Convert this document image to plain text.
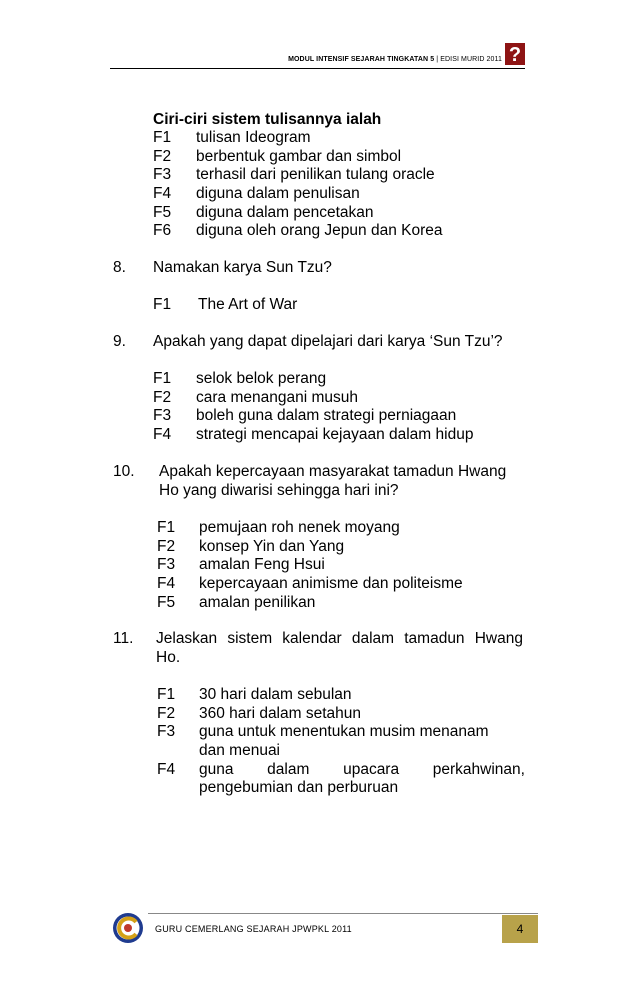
MODUL INTENSIF SEJARAH TINGKATAN 5 | EDISI MURID 2011 ?
Ciri-ciri sistem tulisannya ialah
F1 tulisan Ideogram
F2 berbentuk gambar dan simbol
F3 terhasil dari penilikan tulang oracle
F4 diguna dalam penulisan
F5 diguna dalam pencetakan
F6 diguna oleh orang Jepun dan Korea
8. Namakan karya Sun Tzu?
F1 The Art of War
9. Apakah yang dapat dipelajari dari karya ‘Sun Tzu’?
F1 selok belok perang
F2 cara menangani musuh
F3 boleh guna dalam strategi perniagaan
F4 strategi mencapai kejayaan dalam hidup
10. Apakah kepercayaan masyarakat tamadun Hwang
Ho yang diwarisi sehingga hari ini?
F1 pemujaan roh nenek moyang
F2 konsep Yin dan Yang
F3 amalan Feng Hsui
F4 kepercayaan animisme dan politeisme
F5 amalan penilikan
11. Jelaskan sistem kalendar dalam tamadun Hwang
Ho.
F1 30 hari dalam sebulan
F2 360 hari dalam setahun
F3 guna untuk menentukan musim menanam
dan menuai
F4 guna dalam upacara perkahwinan,
pengebumian dan perburuan
GURU CEMERLANG SEJARAH JPWPKL 2011	4
